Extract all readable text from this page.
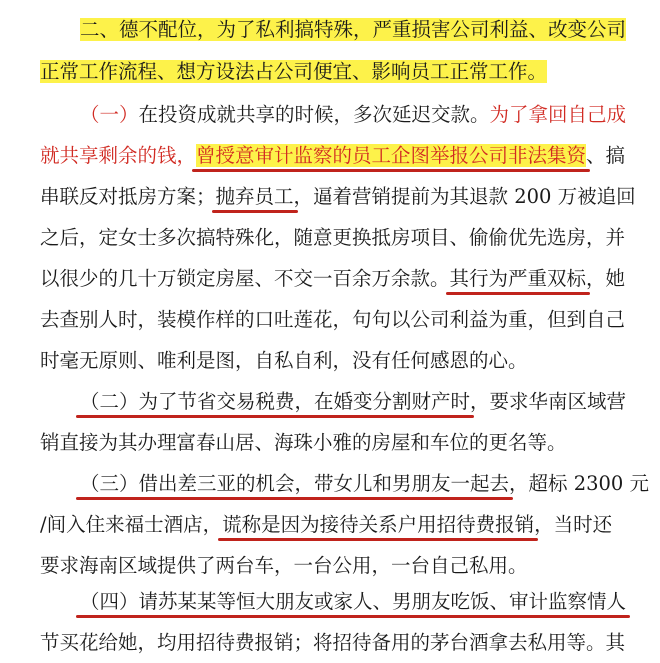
二、德不配位，为了私利搞特殊，严重损害公司利益、改变公司
正常工作流程、想方设法占公司便宜、影响员工正常工作。
（一）在投资成就共享的时候，多次延迟交款。为了拿回自己成
就共享剩余的钱，曾授意审计监察的员工企图举报公司非法集资、搞
串联反对抵房方案；抛弃员工，逼着营销提前为其退款 200 万被追回
之后，定女士多次搞特殊化，随意更换抵房项目、偷偷优先选房，并
以很少的几十万锁定房屋、不交一百余万余款。其行为严重双标，她
去查别人时，装模作样的口吐莲花，句句以公司利益为重，但到自己
时毫无原则、唯利是图，自私自利，没有任何感恩的心。
（二）为了节省交易税费，在婚变分割财产时，要求华南区域营
销直接为其办理富春山居、海珠小雅的房屋和车位的更名等。
（三）借出差三亚的机会，带女儿和男朋友一起去，超标 2300 元
/间入住来福士酒店，谎称是因为接待关系户用招待费报销，当时还
要求海南区域提供了两台车，一台公用，一台自己私用。
（四）请苏某某等恒大朋友或家人、男朋友吃饭、审计监察情人
节买花给她，均用招待费报销；将招待备用的茅台酒拿去私用等。其
